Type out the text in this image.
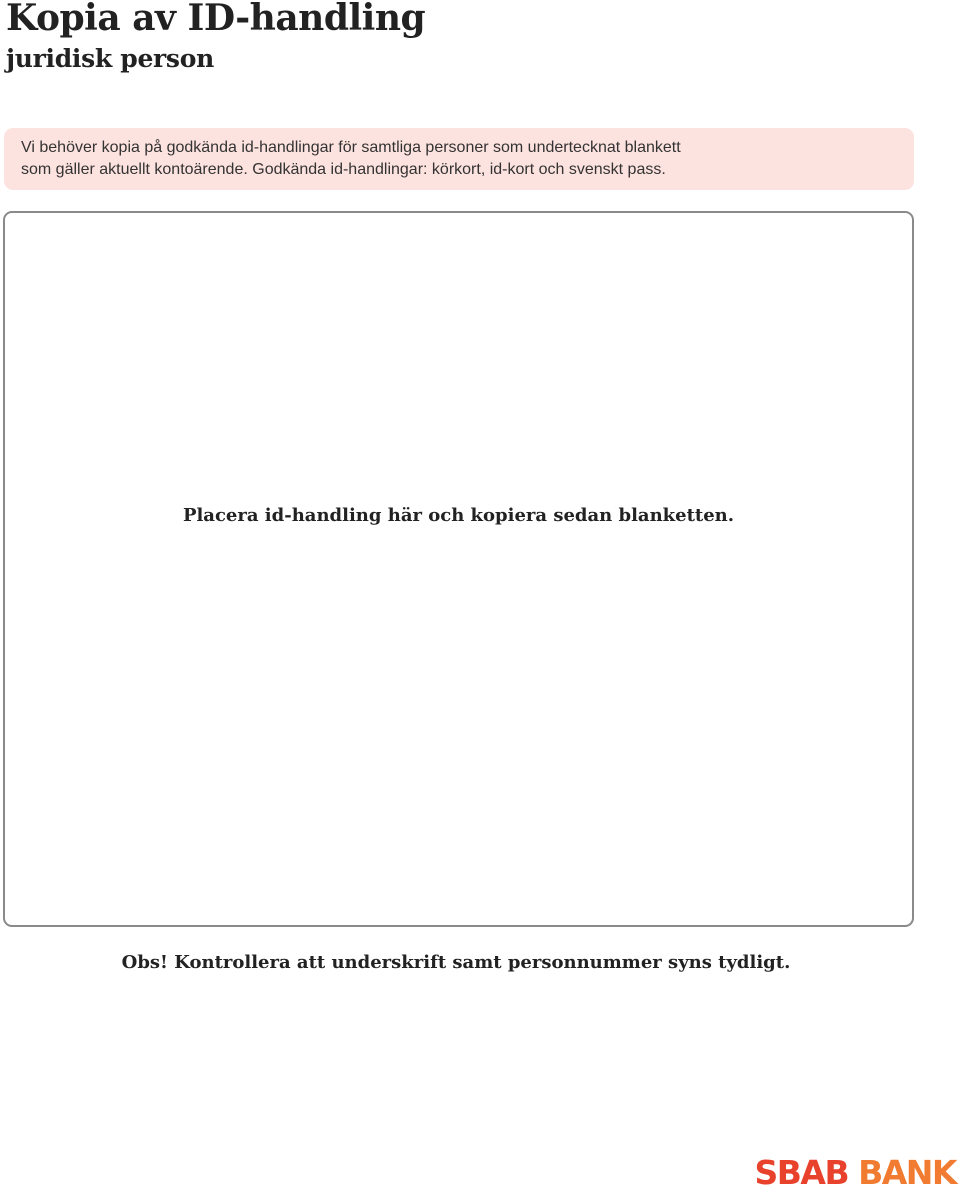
Kopia av ID-handling
juridisk person
Vi behöver kopia på godkända id-handlingar för samtliga personer som undertecknat blankett
som gäller aktuellt kontoärende. Godkända id-handlingar: körkort, id-kort och svenskt pass.
Placera id-handling här och kopiera sedan blanketten.
Obs! Kontrollera att underskrift samt personnummer syns tydligt.
SBAB BANK
